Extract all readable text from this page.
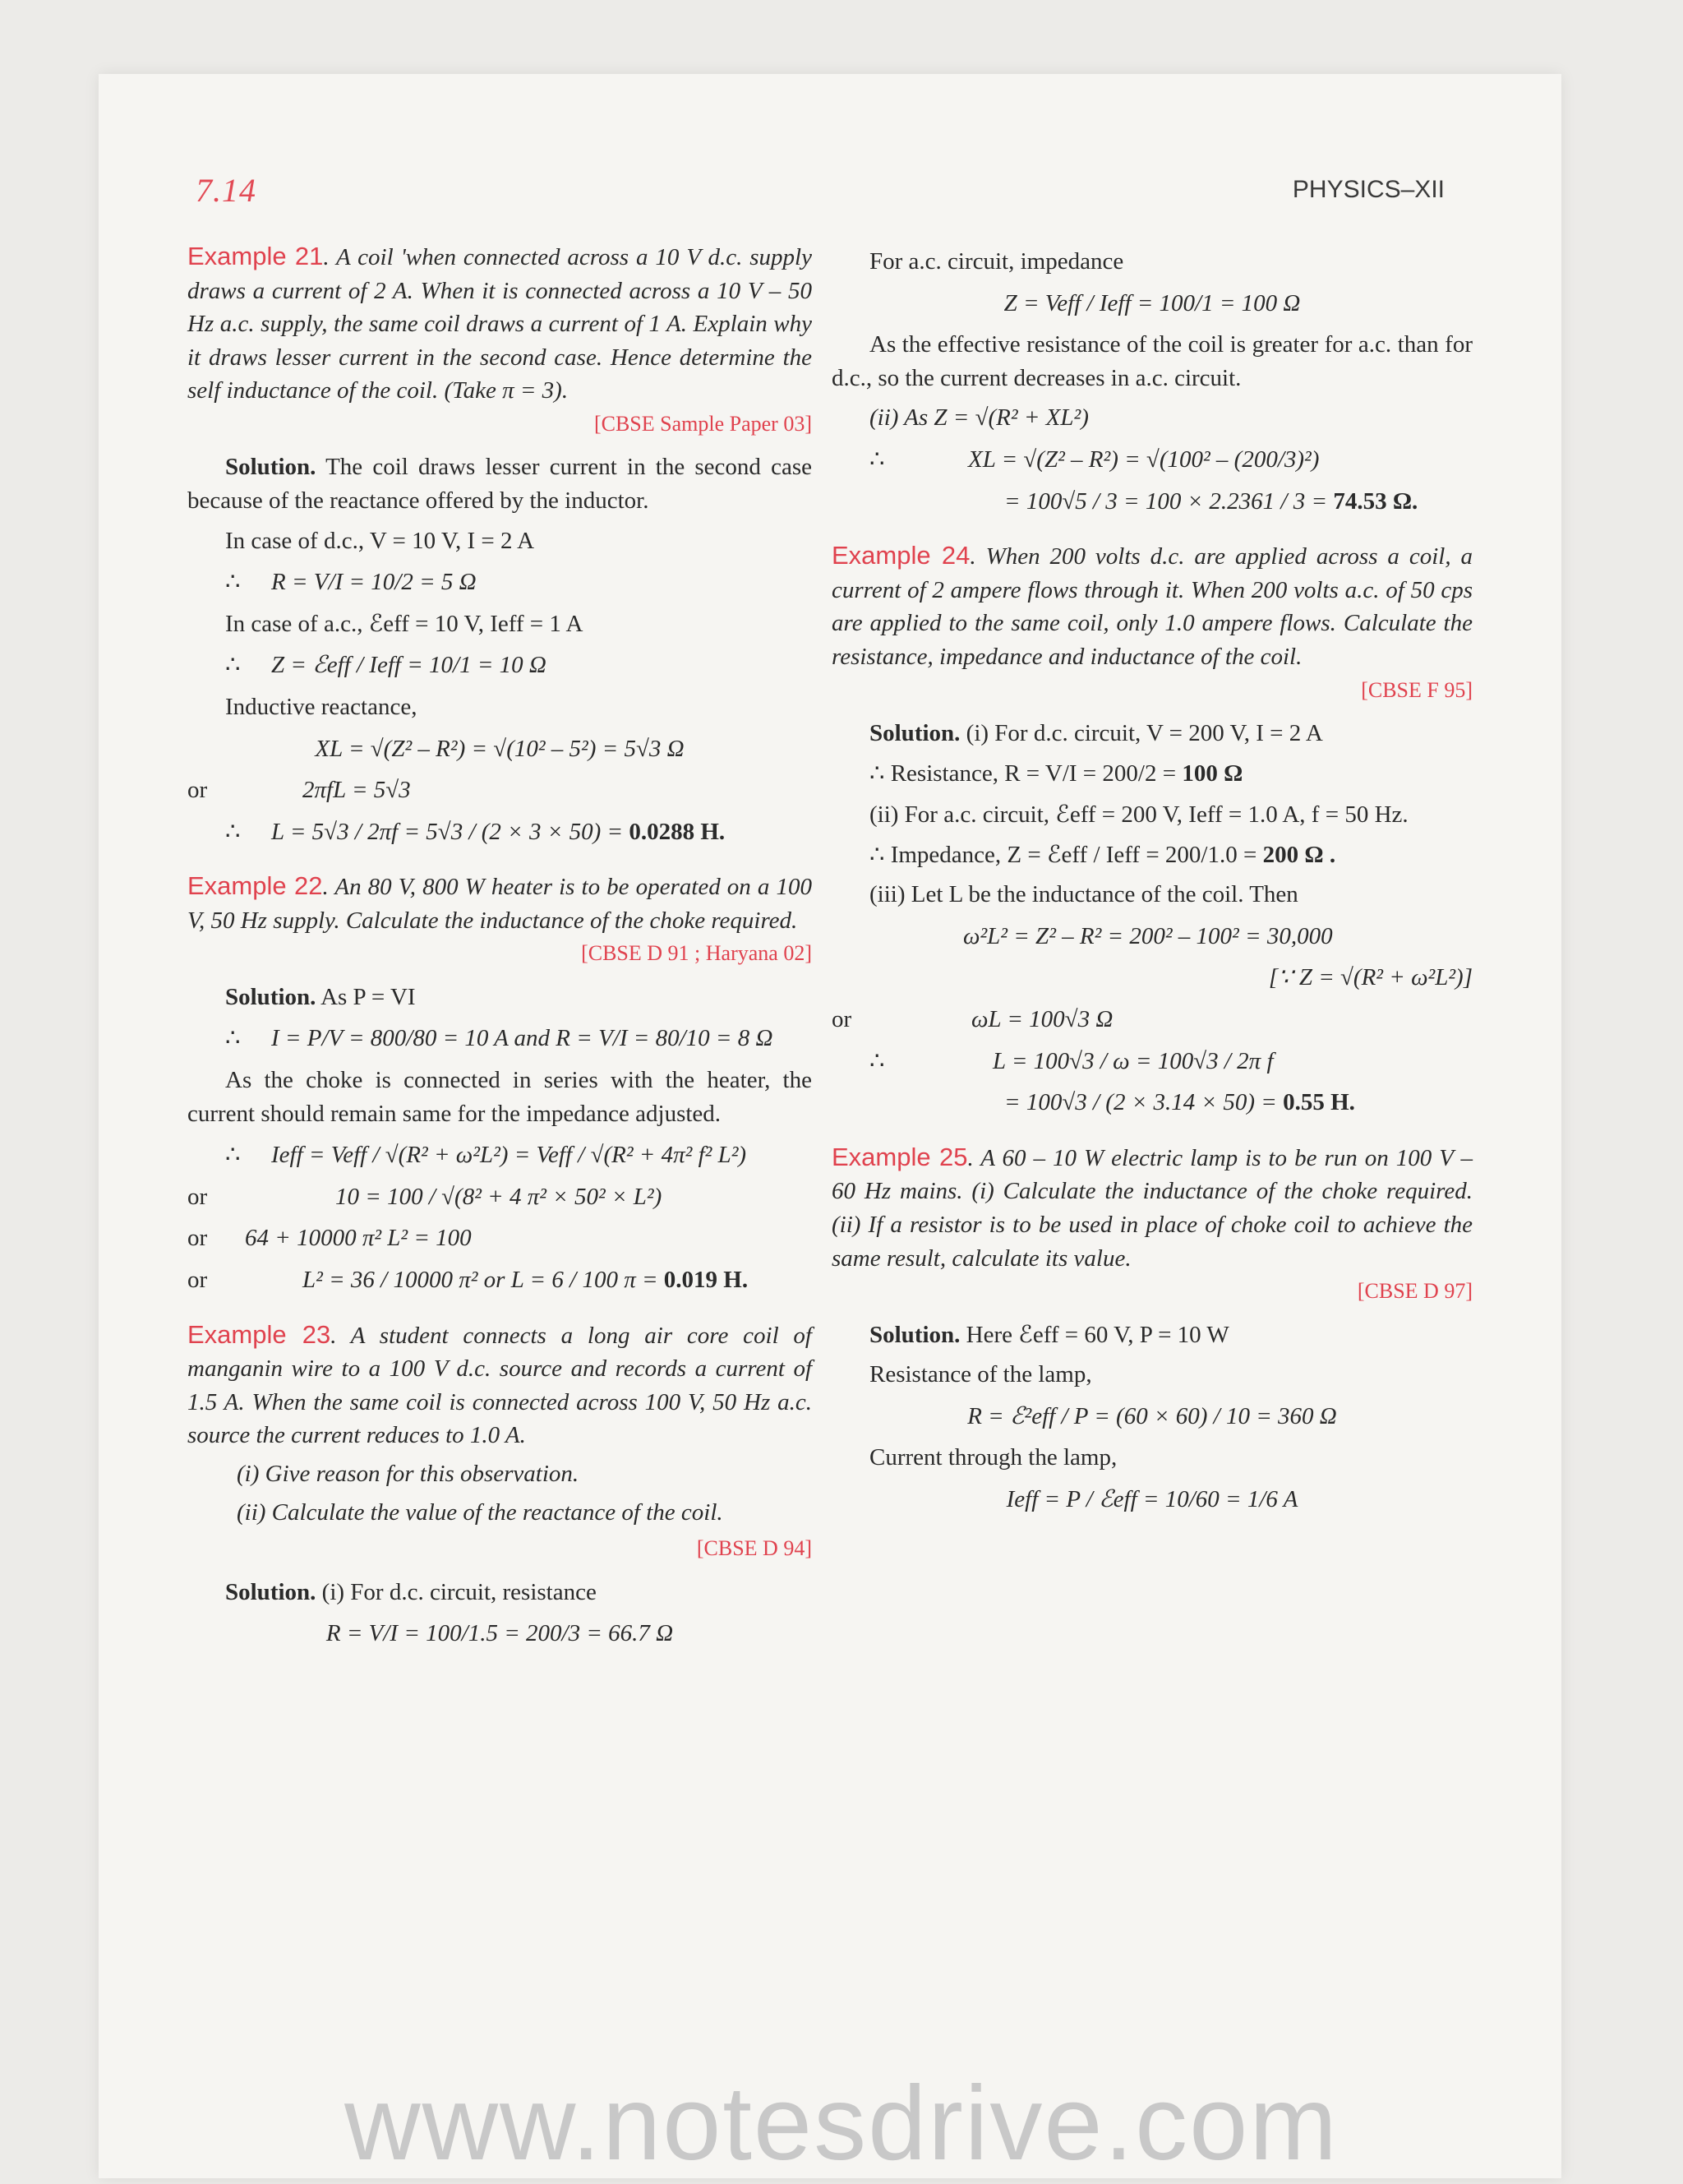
7.14	PHYSICS–XII

Example 21. A coil 'when connected across a 10 V d.c. supply draws a current of 2 A. When it is connected across a 10 V – 50 Hz a.c. supply, the same coil draws a current of 1 A. Explain why it draws lesser current in the second case. Hence determine the self inductance of the coil. (Take π = 3).

[CBSE Sample Paper 03]

Solution. The coil draws lesser current in the second case because of the reactance offered by the inductor.

In case of d.c., V = 10 V, I = 2 A
∴	R = V/I = 10/2 = 5 Ω
In case of a.c., ℰeff = 10 V, Ieff = 1 A
∴	Z = ℰeff / Ieff = 10/1 = 10 Ω
Inductive reactance,
XL = √(Z² – R²) = √(10² – 5²) = 5√3 Ω
or	2πfL = 5√3
∴	L = 5√3 / 2πf = 5√3 / (2 × 3 × 50) =
0.0288 H.

Example 22. An 80 V, 800 W heater is to be operated on a 100 V, 50 Hz supply. Calculate the inductance of the choke required.

[CBSE D 91 ; Haryana 02]

Solution. As P = VI

∴	I = P/V = 800/80 = 10 A and R = V/I = 80/10 = 8 Ω

As the choke is connected in series with the heater, the current should remain same for the impedance adjusted.

∴	Ieff = Veff / √(R² + ω²L²) = Veff / √(R² + 4π² f² L²)
or	10 = 100 / √(8² + 4 π² × 50² × L²)
or	64 + 10000 π² L² = 100
or	L² = 36 / 10000 π² or L = 6 / 100 π =
0.019 H.

Example 23. A student connects a long air core coil of manganin wire to a 100 V d.c. source and records a current of 1.5 A. When the same coil is connected across 100 V, 50 Hz a.c. source the current reduces to 1.0 A.

(i) Give reason for this observation.
(ii) Calculate the value of the reactance of the coil.
[CBSE D 94]

Solution. (i) For d.c. circuit, resistance

R = V/I = 100/1.5 = 200/3 = 66.7 Ω
For a.c. circuit, impedance
Z = Veff / Ieff = 100/1 = 100 Ω

As the effective resistance of the coil is greater for a.c. than for d.c., so the current decreases in a.c. circuit.

(ii) As Z = √(R² + XL²)
∴	XL = √(Z² – R²) = √(100² – (200/3)²)
= 100√5 / 3 = 100 × 2.2361 / 3 = 74.53 Ω.

Example 24. When 200 volts d.c. are applied across a coil, a current of 2 ampere flows through it. When 200 volts a.c. of 50 cps are applied to the same coil, only 1.0 ampere flows. Calculate the resistance, impedance and inductance of the coil.

[CBSE F 95]

Solution. (i) For d.c. circuit, V = 200 V, I = 2 A

∴ Resistance, R = V/I = 200/2 = 100 Ω

(ii) For a.c. circuit, ℰeff = 200 V, Ieff = 1.0 A, f = 50 Hz.

∴ Impedance, Z = ℰeff / Ieff = 200/1.0 = 200 Ω .
(iii) Let L be the inductance of the coil. Then
ω²L² = Z² – R² = 200² – 100² = 30,000
[∵ Z = √(R² + ω²L²)]
or	ωL = 100√3 Ω
∴	L = 100√3 / ω = 100√3 / 2π f
= 100√3 / (2 × 3.14 × 50) = 0.55 H.

Example 25. A 60 – 10 W electric lamp is to be run on 100 V – 60 Hz mains. (i) Calculate the inductance of the choke required. (ii) If a resistor is to be used in place of choke coil to achieve the same result, calculate its value.

[CBSE D 97]

Solution. Here ℰeff = 60 V, P = 10 W

Resistance of the lamp,
R = ℰ²eff / P = (60 × 60) / 10 = 360 Ω
Current through the lamp,
Ieff = P / ℰeff = 10/60 = 1/6 A
www.notesdrive.com
